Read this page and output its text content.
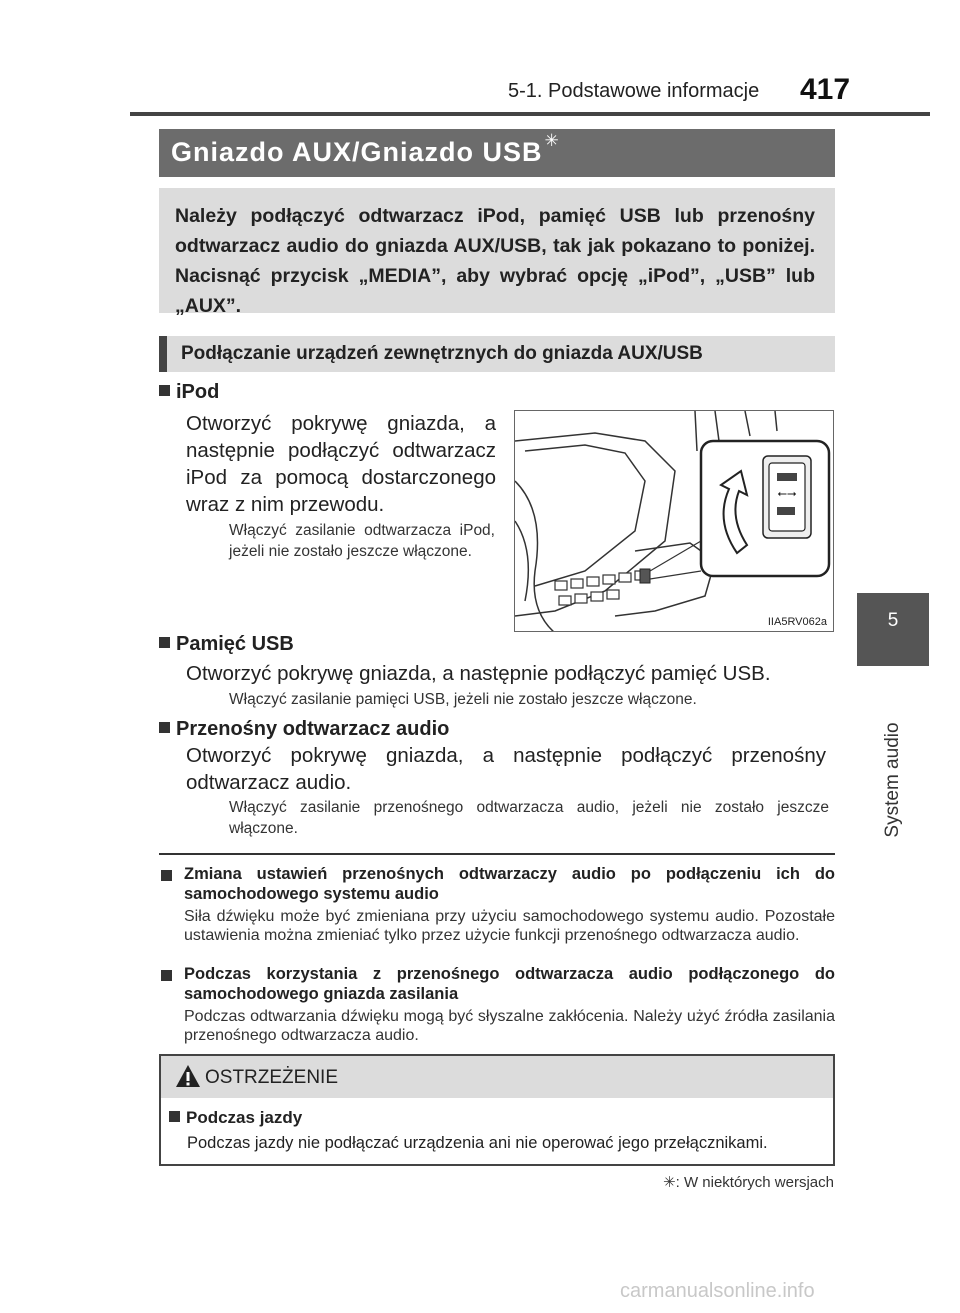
5-1. Podstawowe informacje 417
5
System audio
Gniazdo AUX/Gniazdo USB ✳
Należy podłączyć odtwarzacz iPod, pamięć USB lub przenośny odtwarzacz audio do gniazda AUX/USB, tak jak pokazano to poniżej. Nacisnąć przycisk „MEDIA”, aby wybrać opcję „iPod”, „USB” lub „AUX”.
Podłączanie urządzeń zewnętrznych do gniazda AUX/USB
iPod
Otworzyć pokrywę gniazda, a następnie podłączyć odtwarzacz iPod za pomocą dostarczonego wraz z nim przewodu.
Włączyć zasilanie odtwarzacza iPod, jeżeli nie zostało jeszcze włączone.
⭠⭢
IIA5RV062a
Pamięć USB
Otworzyć pokrywę gniazda, a następnie podłączyć pamięć USB.
Włączyć zasilanie pamięci USB, jeżeli nie zostało jeszcze włączone.
Przenośny odtwarzacz audio
Otworzyć pokrywę gniazda, a następnie podłączyć przenośny odtwarzacz audio.
Włączyć zasilanie przenośnego odtwarzacza audio, jeżeli nie zostało jeszcze włączone.
Zmiana ustawień przenośnych odtwarzaczy audio po podłączeniu ich do samochodowego systemu audio
Siła dźwięku może być zmieniana przy użyciu samochodowego systemu audio. Pozostałe ustawienia można zmieniać tylko przez użycie funkcji przenośnego odtwarzacza audio.
Podczas korzystania z przenośnego odtwarzacza audio podłączonego do samochodowego gniazda zasilania
Podczas odtwarzania dźwięku mogą być słyszalne zakłócenia. Należy użyć źródła zasilania przenośnego odtwarzacza audio.
OSTRZEŻENIE
Podczas jazdy
Podczas jazdy nie podłączać urządzenia ani nie operować jego przełącznikami.
✳: W niektórych wersjach
carmanualsonline.info
